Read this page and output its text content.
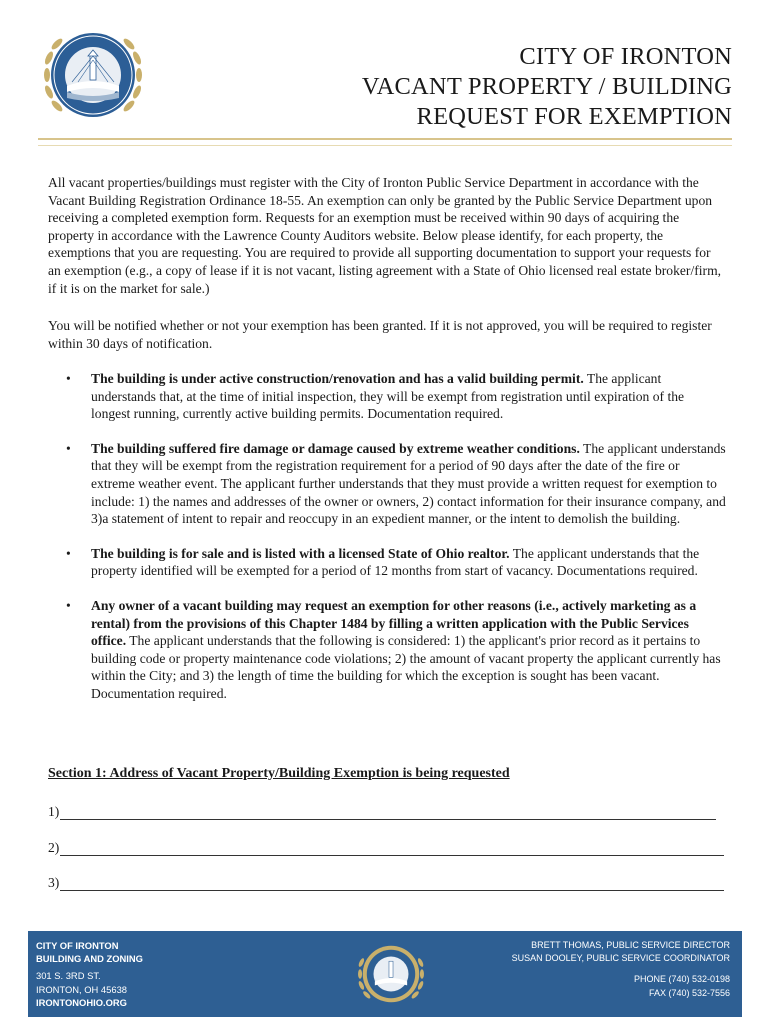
CITY OF IRONTON
VACANT PROPERTY / BUILDING
REQUEST FOR EXEMPTION

All vacant properties/buildings must register with the City of Ironton Public Service Department in accordance with the Vacant Building Registration Ordinance 18-55. An exemption can only be granted by the Public Service Department upon receiving a completed exemption form. Requests for an exemption must be received within 90 days of acquiring the property in accordance with the Lawrence County Auditors website. Below please identify, for each property, the exemptions that you are requesting. You are required to provide all supporting documentation to support your requests for an exemption (e.g., a copy of lease if it is not vacant, listing agreement with a State of Ohio licensed real estate broker/firm, if it is on the market for sale.)

You will be notified whether or not your exemption has been granted. If it is not approved, you will be required to register within 30 days of notification.

• The building is under active construction/renovation and has a valid building permit. The applicant understands that, at the time of initial inspection, they will be exempt from registration until expiration of the longest running, currently active building permits. Documentation required.
• The building suffered fire damage or damage caused by extreme weather conditions. The applicant understands that they will be exempt from the registration requirement for a period of 90 days after the date of the fire or extreme weather event. The applicant further understands that they must provide a written request for exemption to include: 1) the names and addresses of the owner or owners, 2) contact information for their insurance company, and 3)a statement of intent to repair and reoccupy in an expedient manner, or the intent to demolish the building.
• The building is for sale and is listed with a licensed State of Ohio realtor. The applicant understands that the property identified will be exempted for a period of 12 months from start of vacancy. Documentations required.
• Any owner of a vacant building may request an exemption for other reasons (i.e., actively marketing as a rental) from the provisions of this Chapter 1484 by filling a written application with the Public Services office. The applicant understands that the following is considered: 1) the applicant's prior record as it pertains to building code or property maintenance code violations; 2) the amount of vacant property the applicant currently has within the City; and 3) the length of time the building for which the exception is sought has been vacant. Documentation required.
Section 1: Address of Vacant Property/Building Exemption is being requested
1)
2)
3)
CITY OF IRONTON
BUILDING AND ZONING
301 S. 3RD ST.
IRONTON, OH 45638
IRONTONOHIO.ORG
BRETT THOMAS, PUBLIC SERVICE DIRECTOR
SUSAN DOOLEY, PUBLIC SERVICE COORDINATOR
PHONE (740) 532-0198
FAX (740) 532-7556
